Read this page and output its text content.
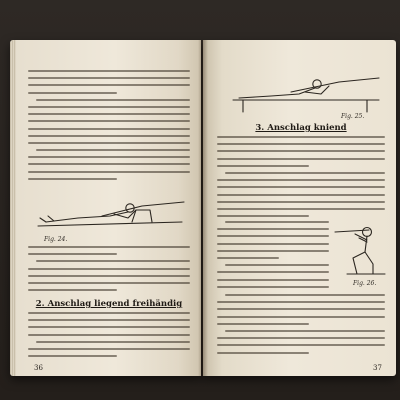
Fig. 24.
2. Anschlag liegend freihändig
36
Fig. 25.
3. Anschlag kniend
Fig. 26.
37
